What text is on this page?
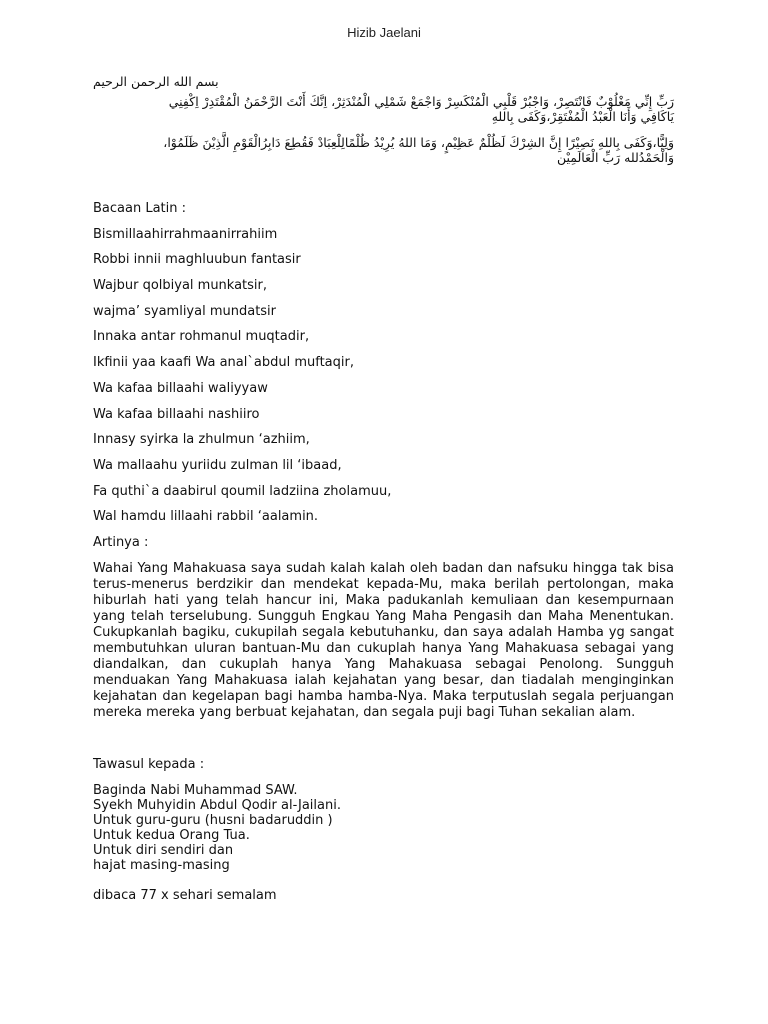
Hizib Jaelani
بسم الله الرحمن الرحيم
رَبِّ إِنِّي مَغْلُوْبٌ فَانْتَصِرْ، وَاجْبُرْ قَلْبِي الْمُنْكَسِرْ وَاجْمَعْ شَمْلِي الْمُنْدَثِرْ، اِنَّكَ أَنْتَ الرَّحْمَنُ الْمُقْتَدِرْ اِكْفِنِي
يَاكَافِي وَأَنَا الْعَبْدُ الْمُفْتَقِرْ،وَكَفَى بِاللهِ
وَلِيًّا،وَكَفَى بِاللهِ نَصِيْرًا إِنَّ الشِرْكَ لَظُلْمٌ عَظِيْمٍ، وَمَا اللهُ يُرِيْدُ ظُلْمًالِلْعِبَادْ فَقُطِعَ دَابِرُالْقَوْمِ الَّذِيْنَ ظَلَمُوْا،
وَالْحَمْدُلله رَبِّ الْعَالَمِيْن
Bacaan Latin :
Bismillaahirrahmaanirrahiim
Robbi innii maghluubun fantasir
Wajbur qolbiyal munkatsir,
wajma’ syamliyal mundatsir
Innaka antar rohmanul muqtadir,
Ikfinii yaa kaafi Wa anal`abdul muftaqir,
Wa kafaa billaahi waliyyaw
Wa kafaa billaahi nashiiro
Innasy syirka la zhulmun ‘azhiim,
Wa mallaahu yuriidu zulman lil ‘ibaad,
Fa quthi`a daabirul qoumil ladziina zholamuu,
Wal hamdu lillaahi rabbil ‘aalamin.
Artinya :

Wahai Yang Mahakuasa saya sudah kalah kalah oleh badan dan nafsuku hingga tak bisa terus-menerus berdzikir dan mendekat kepada-Mu, maka berilah pertolongan, maka hiburlah hati yang telah hancur ini, Maka padukanlah kemuliaan dan kesempurnaan yang telah terselubung. Sungguh Engkau Yang Maha Pengasih dan Maha Menentukan. Cukupkanlah bagiku, cukupilah segala kebutuhanku, dan saya adalah Hamba yg sangat membutuhkan uluran bantuan-Mu dan cukuplah hanya Yang Mahakuasa sebagai yang diandalkan, dan cukuplah hanya Yang Mahakuasa sebagai Penolong. Sungguh menduakan Yang Mahakuasa ialah kejahatan yang besar, dan tiadalah menginginkan kejahatan dan kegelapan bagi hamba hamba-Nya. Maka terputuslah segala perjuangan mereka mereka yang berbuat kejahatan, dan segala puji bagi Tuhan sekalian alam.

Tawasul kepada :
Baginda Nabi Muhammad SAW.
Syekh Muhyidin Abdul Qodir al-Jailani.
Untuk guru-guru (husni badaruddin )
Untuk kedua Orang Tua.
Untuk diri sendiri dan
hajat masing-masing
dibaca 77 x sehari semalam
